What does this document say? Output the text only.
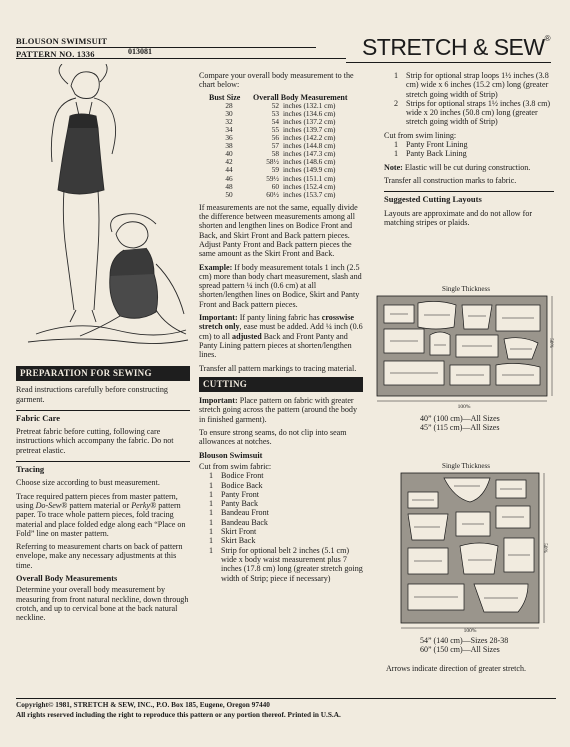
BLOUSON SWIMSUIT
PATTERN NO. 1336	013081	STRETCH & SEW®
PREPARATION FOR SEWING

Read instructions carefully before constructing garment.

Fabric Care

Pretreat fabric before cutting, following care instructions which accompany the fabric. Do not pretreat elastic.

Tracing

Choose size according to bust measurement.

Trace required pattern pieces from master pattern, using Do-Sew® pattern material or Perky® pattern paper. To trace whole pattern pieces, fold tracing material and place folded edge along each “Place on Fold” line on master pattern.

Referring to measurement charts on back of pattern envelope, make any necessary adjustments at this time.

Overall Body Measurements

Determine your overall body measurement by measuring from front natural neckline, down through crotch, and up to cervical bone at the back natural neckline.

Compare your overall body measurement to the chart below:

Bust Size	Overall Body Measurement	
28	52	inches (132.1 cm)
30	53	inches (134.6 cm)
32	54	inches (137.2 cm)
34	55	inches (139.7 cm)
36	56	inches (142.2 cm)
38	57	inches (144.8 cm)
40	58	inches (147.3 cm)
42	58½	inches (148.6 cm)
44	59	inches (149.9 cm)
46	59½	inches (151.1 cm)
48	60	inches (152.4 cm)
50	60½	inches (153.7 cm)

If measurements are not the same, equally divide the difference between measurements among all shorten and lengthen lines on Bodice Front and Back, and Skirt Front and Back pattern pieces. Adjust Panty Front and Back pattern pieces the same amount as the Skirt Front and Back.

Example: If body measurement totals 1 inch (2.5 cm) more than body chart measurement, slash and spread pattern ¼ inch (0.6 cm) at all shorten/lengthen lines on Bodice, Skirt and Panty Front and Back pattern pieces.

Important: If panty lining fabric has crosswise stretch only, ease must be added. Add ¼ inch (0.6 cm) to all adjusted Back and Front Panty and Panty Lining pattern pieces at shorten/lengthen lines.

Transfer all pattern markings to tracing material.

CUTTING

Important: Place pattern on fabric with greater stretch going across the pattern (around the body in finished garment).

To ensure strong seams, do not clip into seam allowances at notches.

Blouson Swimsuit
Cut from swim fabric:
1 Bodice Front
1 Bodice Back
1 Panty Front
1 Panty Back
1 Bandeau Front
1 Bandeau Back
1 Skirt Front
1 Skirt Back
1 Strip for optional belt 2 inches (5.1 cm) wide x body waist measurement plus 7 inches (17.8 cm) long (greater stretch going width of Strip; piece if necessary)
1 Strip for optional strap loops 1½ inches (3.8 cm) wide x 6 inches (15.2 cm) long (greater stretch going width of Strip)
2 Strips for optional straps 1½ inches (3.8 cm) wide x 20 inches (50.8 cm) long (greater stretch going width of Strip)
Cut from swim lining:
1 Panty Front Lining
1 Panty Back Lining

Note: Elastic will be cut during construction.

Transfer all construction marks to fabric.

Suggested Cutting Layouts

Layouts are approximate and do not allow for matching stripes or plaids.

Single Thickness
100%
50%
40” (100 cm)—All Sizes
45” (115 cm)—All Sizes
Single Thickness
100%
50%
54” (140 cm)—Sizes 28-38
60” (150 cm)—All Sizes
Arrows indicate direction of greater stretch.
Copyright© 1981, STRETCH & SEW, INC., P.O. Box 185, Eugene, Oregon 97440
All rights reserved including the right to reproduce this pattern or any portion thereof. Printed in U.S.A.
